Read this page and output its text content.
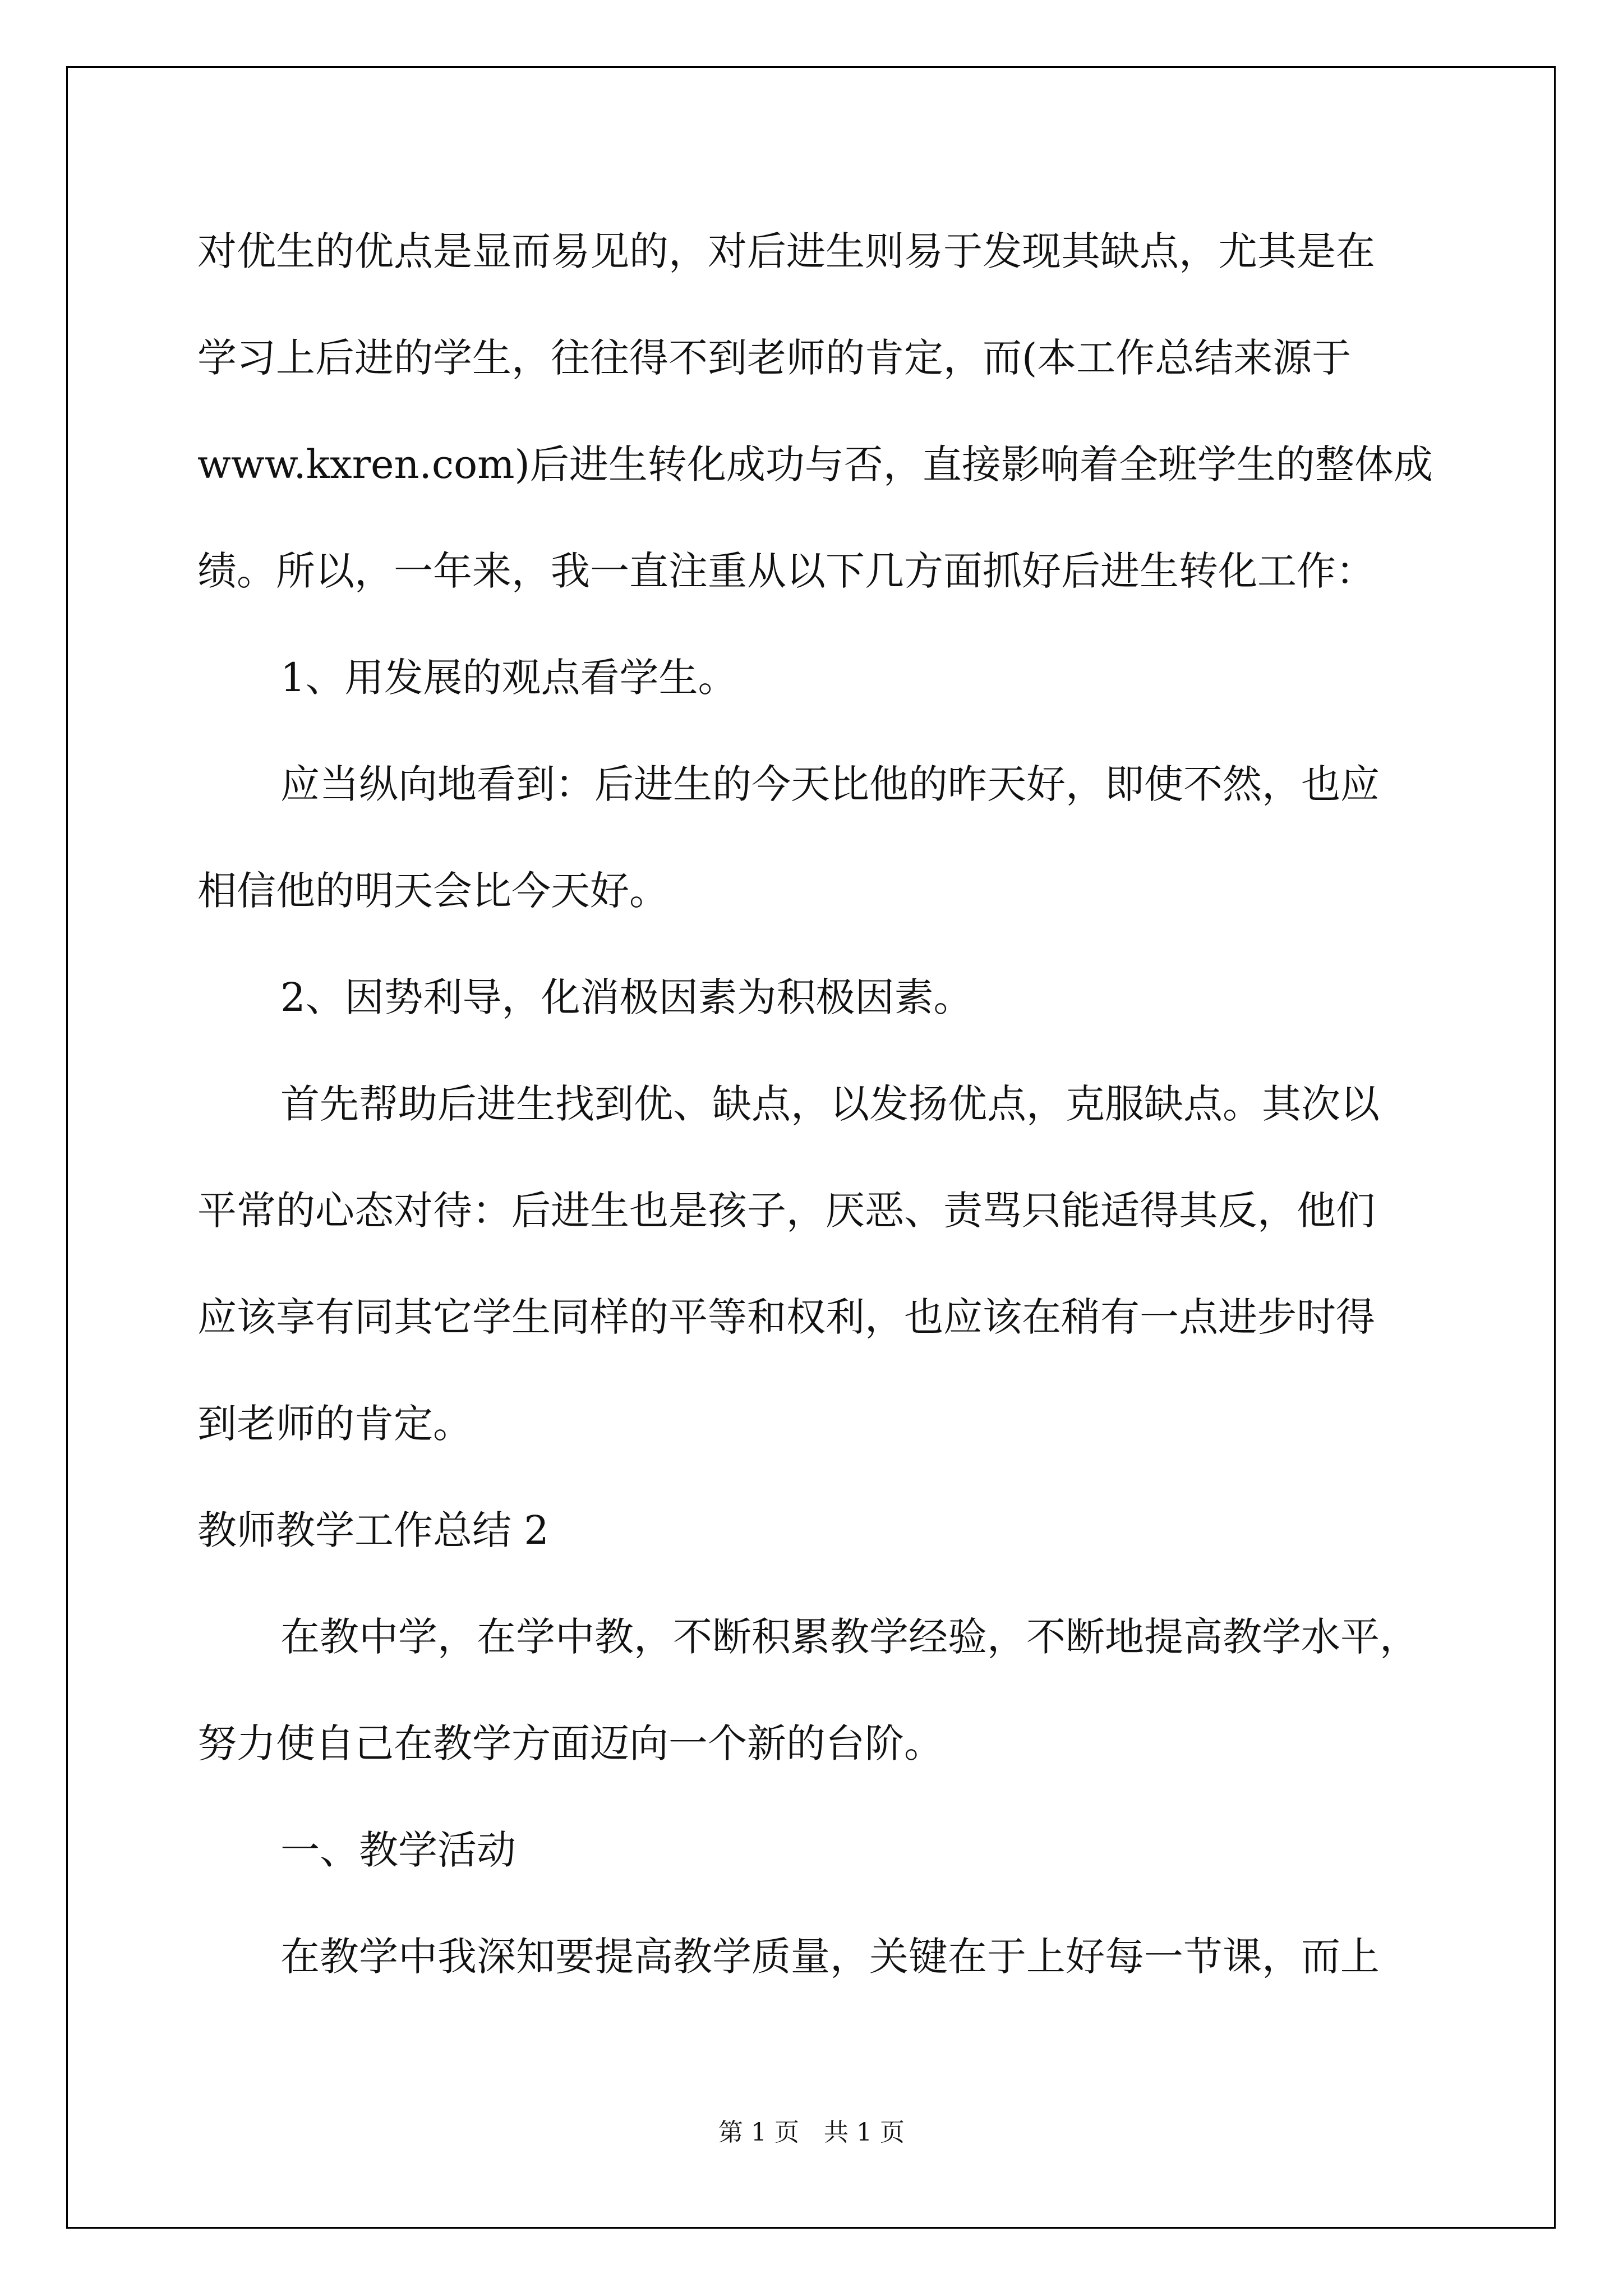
对优生的优点是显而易见的，对后进生则易于发现其缺点，尤其是在
学习上后进的学生，往往得不到老师的肯定，而(本工作总结来源于
www.kxren.com)后进生转化成功与否，直接影响着全班学生的整体成
绩。所以，一年来，我一直注重从以下几方面抓好后进生转化工作：
1、用发展的观点看学生。
应当纵向地看到：后进生的今天比他的昨天好，即使不然，也应
相信他的明天会比今天好。
2、因势利导，化消极因素为积极因素。
首先帮助后进生找到优、缺点，以发扬优点，克服缺点。其次以
平常的心态对待：后进生也是孩子，厌恶、责骂只能适得其反，他们
应该享有同其它学生同样的平等和权利，也应该在稍有一点进步时得
到老师的肯定。
教师教学工作总结 2
在教中学，在学中教，不断积累教学经验，不断地提高教学水平，
努力使自己在教学方面迈向一个新的台阶。
一、教学活动
在教学中我深知要提高教学质量，关键在于上好每一节课，而上
第 1 页　共 1 页
